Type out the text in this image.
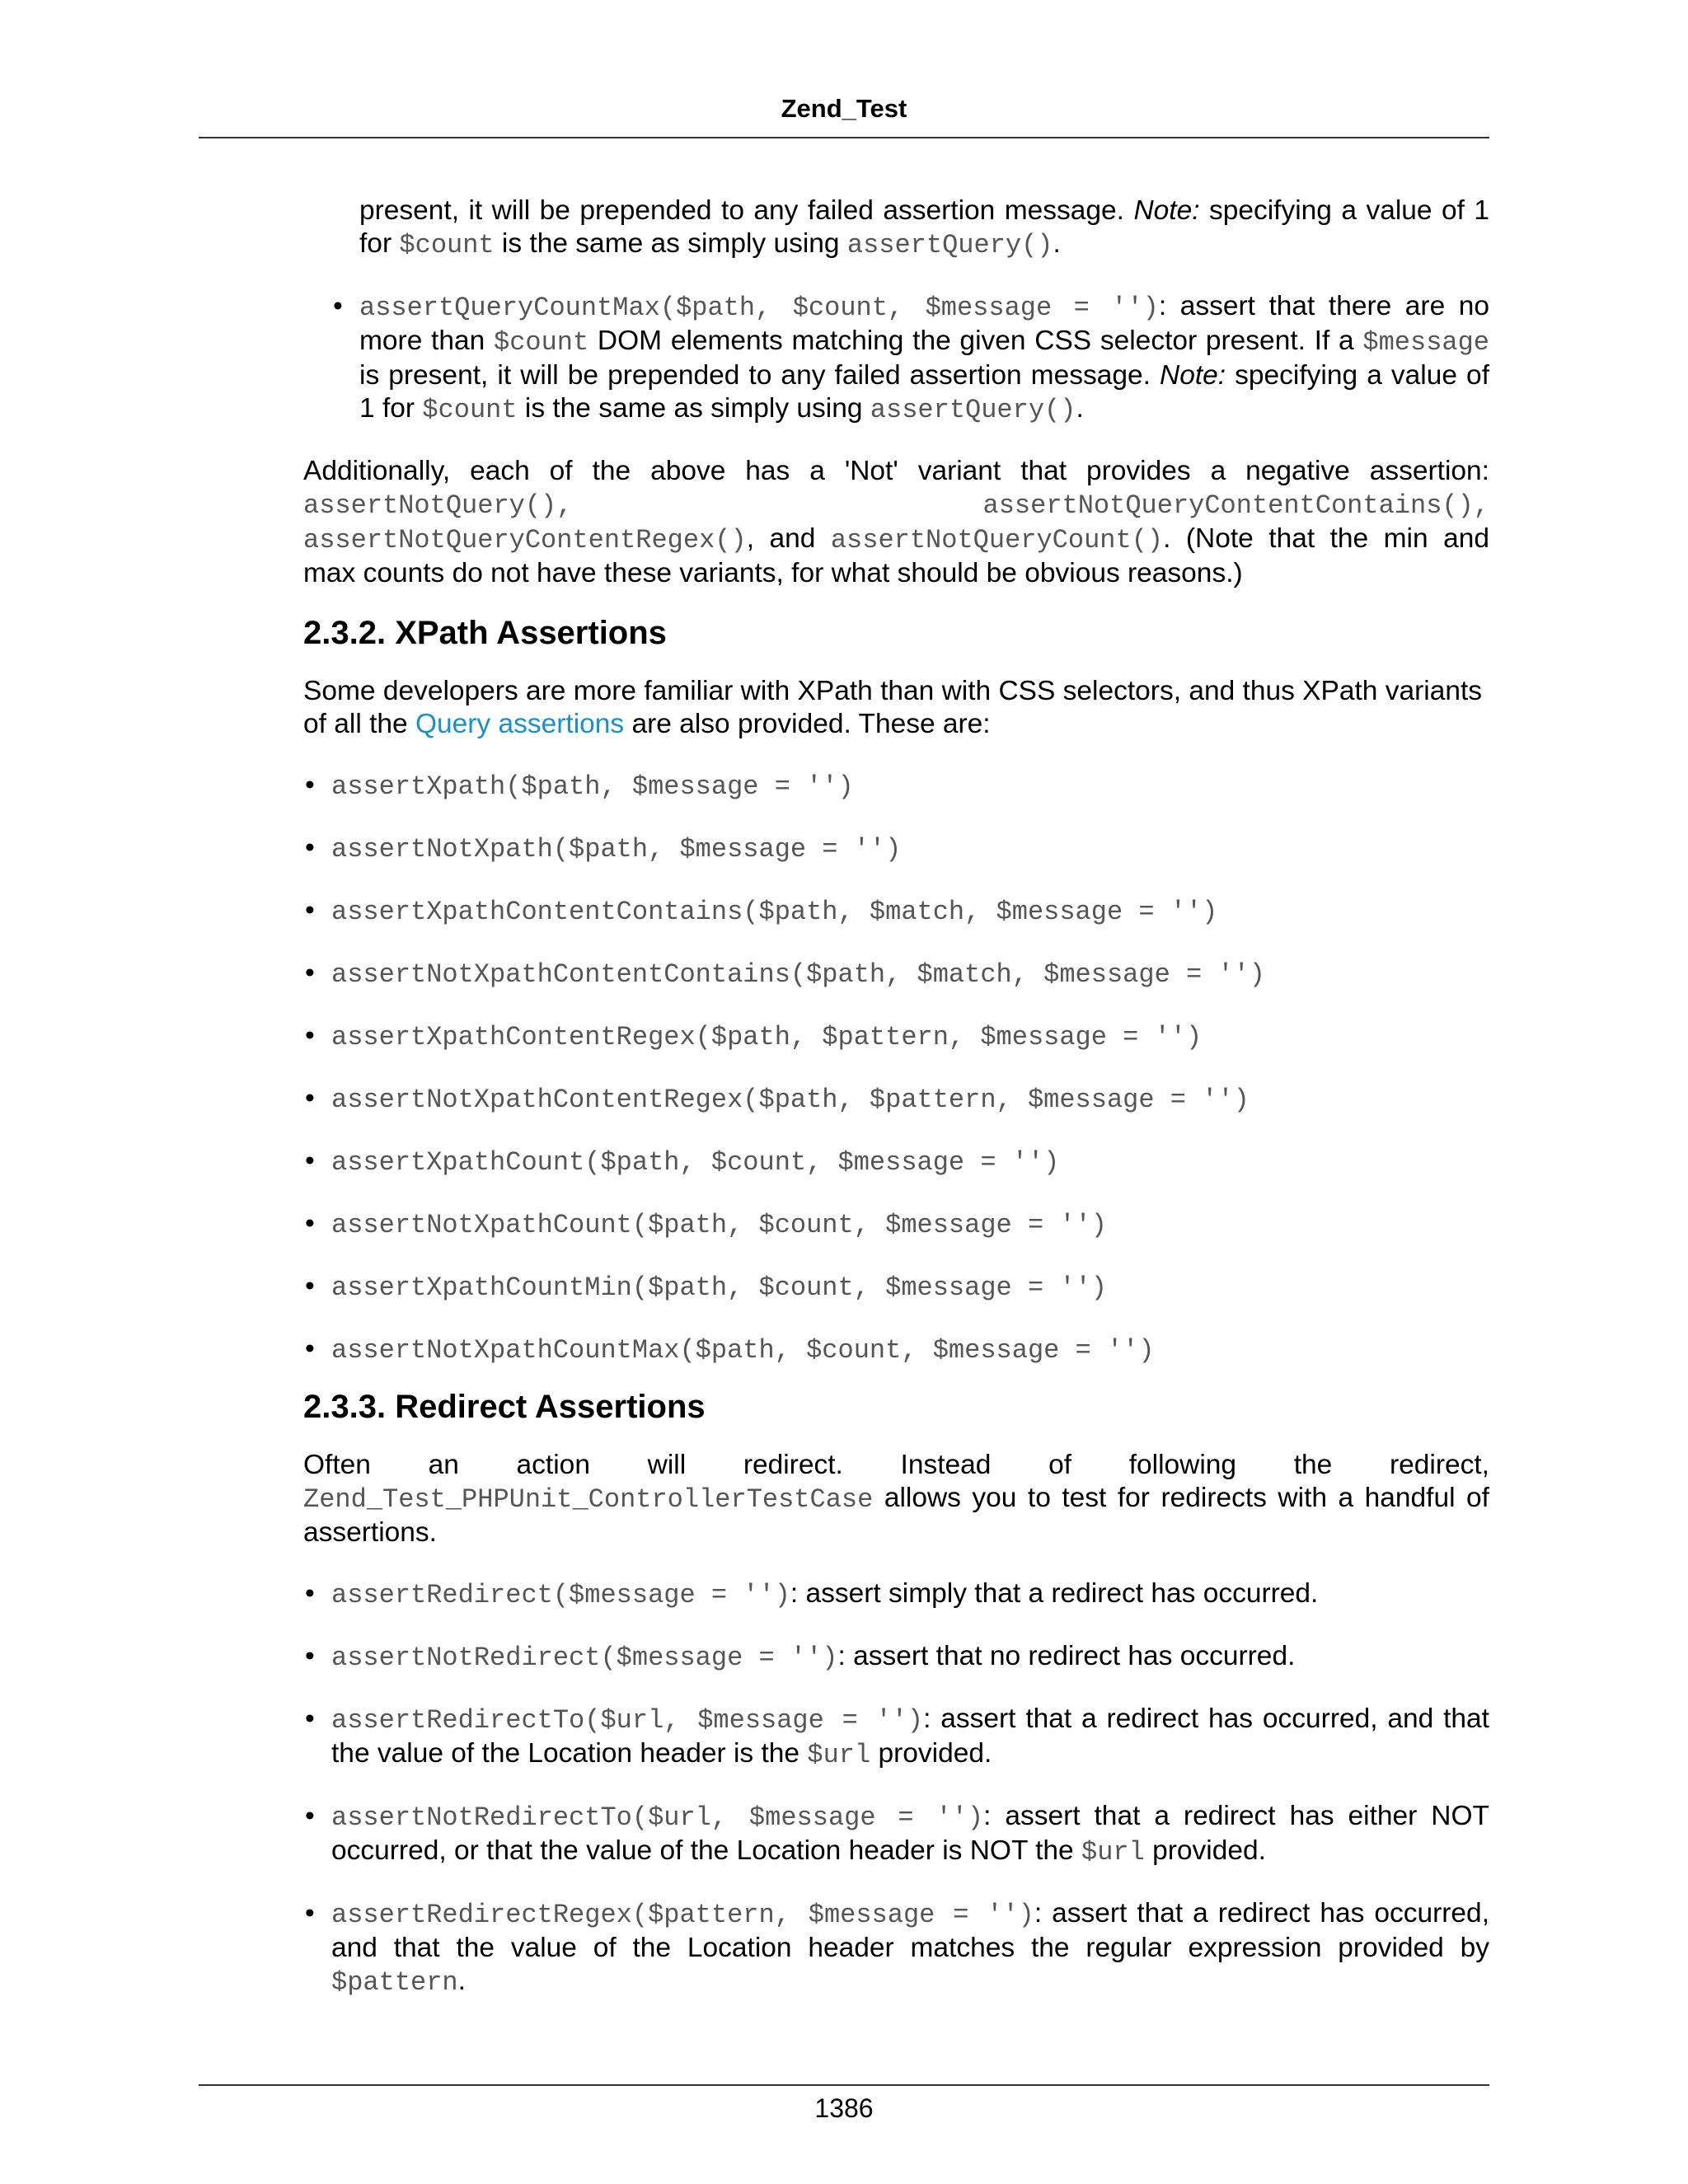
Zend_Test

present, it will be prepended to any failed assertion message. Note: specifying a value of 1 for $count is the same as simply using assertQuery().

• assertQueryCountMax($path, $count, $message = ''): assert that there are no more than $count DOM elements matching the given CSS selector present. If a $message is present, it will be prepended to any failed assertion message. Note: specifying a value of 1 for $count is the same as simply using assertQuery().

Additionally, each of the above has a 'Not' variant that provides a negative assertion: assertNotQuery(),	assertNotQueryContentContains(), assertNotQueryContentRegex(), and assertNotQueryCount(). (Note that the min and max counts do not have these variants, for what should be obvious reasons.)

2.3.2. XPath Assertions

Some developers are more familiar with XPath than with CSS selectors, and thus XPath variants of all the Query assertions are also provided. These are:

• assertXpath($path, $message = '')
• assertNotXpath($path, $message = '')
• assertXpathContentContains($path, $match, $message = '')
• assertNotXpathContentContains($path, $match, $message = '')
• assertXpathContentRegex($path, $pattern, $message = '')
• assertNotXpathContentRegex($path, $pattern, $message = '')
• assertXpathCount($path, $count, $message = '')
• assertNotXpathCount($path, $count, $message = '')
• assertXpathCountMin($path, $count, $message = '')
• assertNotXpathCountMax($path, $count, $message = '')
2.3.3. Redirect Assertions

Often an action will redirect. Instead of following the redirect, Zend_Test_PHPUnit_ControllerTestCase allows you to test for redirects with a handful of assertions.

• assertRedirect($message = ''): assert simply that a redirect has occurred.
• assertNotRedirect($message = ''): assert that no redirect has occurred.
• assertRedirectTo($url, $message = ''): assert that a redirect has occurred, and that the value of the Location header is the $url provided.
• assertNotRedirectTo($url, $message = ''): assert that a redirect has either NOT occurred, or that the value of the Location header is NOT the $url provided.
• assertRedirectRegex($pattern, $message = ''): assert that a redirect has occurred, and that the value of the Location header matches the regular expression provided by $pattern.
1386
